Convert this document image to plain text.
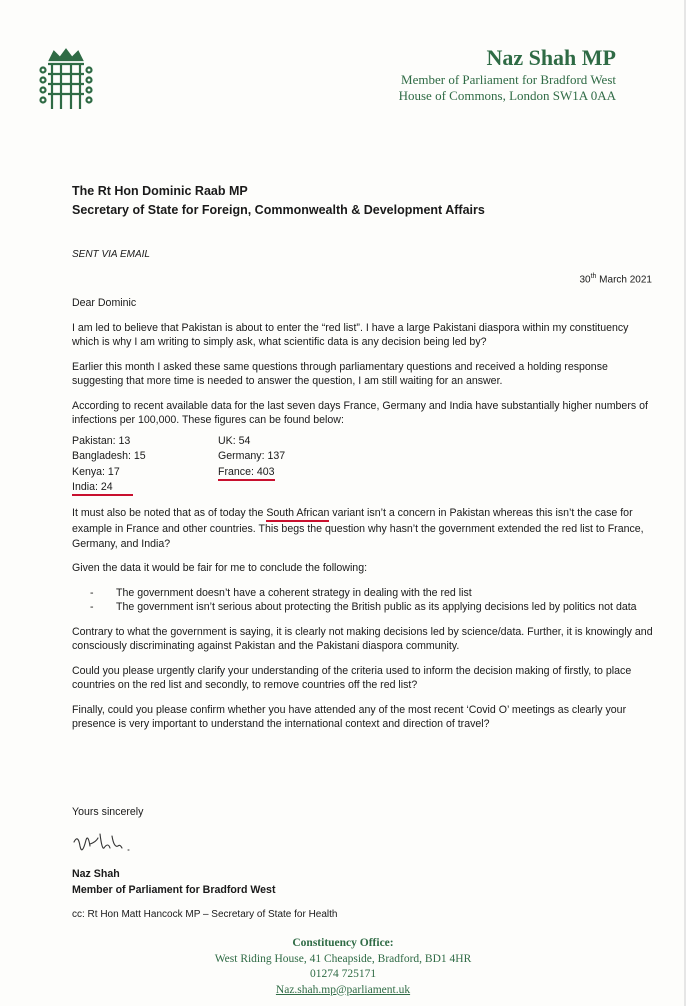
Naz Shah MP
Member of Parliament for Bradford West
House of Commons, London SW1A 0AA
The Rt Hon Dominic Raab MP
Secretary of State for Foreign, Commonwealth & Development Affairs
SENT VIA EMAIL
30th March 2021

Dear Dominic

I am led to believe that Pakistan is about to enter the “red list”. I have a large Pakistani diaspora within my constituency which is why I am writing to simply ask, what scientific data is any decision being led by?

Earlier this month I asked these same questions through parliamentary questions and received a holding response suggesting that more time is needed to answer the question, I am still waiting for an answer.

According to recent available data for the last seven days France, Germany and India have substantially higher numbers of infections per 100,000. These figures can be found below:

Pakistan: 13
Bangladesh: 15
Kenya: 17
India: 24
UK: 54
Germany: 137
France: 403

It must also be noted that as of today the South African variant isn’t a concern in Pakistan whereas this isn’t the case for example in France and other countries. This begs the question why hasn’t the government extended the red list to France, Germany, and India?

Given the data it would be fair for me to conclude the following:

- The government doesn’t have a coherent strategy in dealing with the red list
- The government isn’t serious about protecting the British public as its applying decisions led by politics not data

Contrary to what the government is saying, it is clearly not making decisions led by science/data. Further, it is knowingly and consciously discriminating against Pakistan and the Pakistani diaspora community.

Could you please urgently clarify your understanding of the criteria used to inform the decision making of firstly, to place countries on the red list and secondly, to remove countries off the red list?

Finally, could you please confirm whether you have attended any of the most recent ‘Covid O’ meetings as clearly your presence is very important to understand the international context and direction of travel?

Yours sincerely
Naz Shah
Member of Parliament for Bradford West
cc: Rt Hon Matt Hancock MP – Secretary of State for Health
Constituency Office:
West Riding House, 41 Cheapside, Bradford, BD1 4HR
01274 725171
Naz.shah.mp@parliament.uk
